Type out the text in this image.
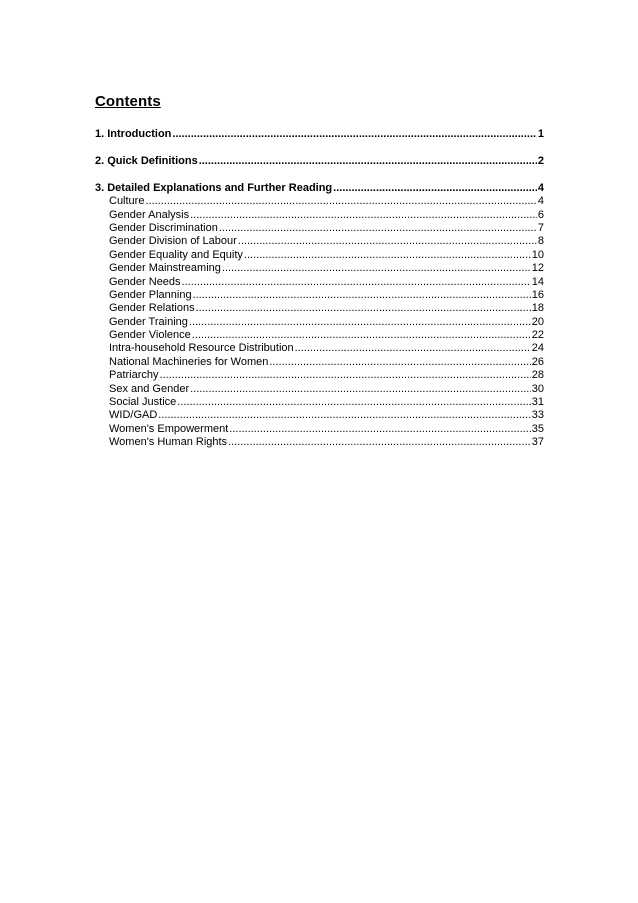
Contents
1. Introduction .....	1
2. Quick Definitions .....	2
3. Detailed Explanations and Further Reading .....	4
Culture .....	4
Gender Analysis .....	6
Gender Discrimination .....	7
Gender Division of Labour .....	8
Gender Equality and Equity .....	10
Gender Mainstreaming .....	12
Gender Needs .....	14
Gender Planning .....	16
Gender Relations .....	18
Gender Training .....	20
Gender Violence .....	22
Intra-household Resource Distribution .....	24
National Machineries for Women .....	26
Patriarchy .....	28
Sex and Gender .....	30
Social Justice .....	31
WID/GAD .....	33
Women's Empowerment .....	35
Women's Human Rights .....	37
